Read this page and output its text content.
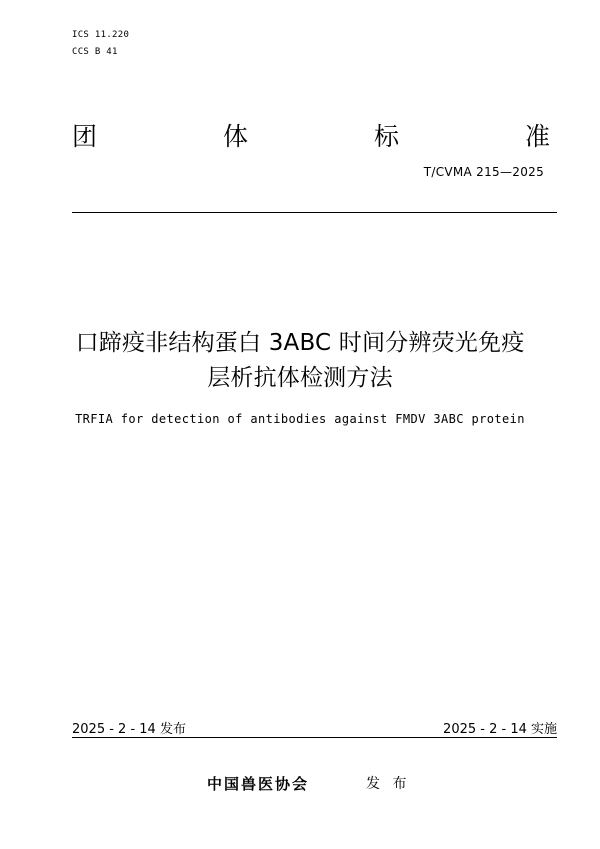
ICS 11.220
CCS B 41
团	体	标	准
T/CVMA 215—2025
口蹄疫非结构蛋白 3ABC 时间分辨荧光免疫
层析抗体检测方法
TRFIA for detection of antibodies against FMDV 3ABC protein
2025 - 2 - 14 发布	2025 - 2 - 14 实施
中国兽医协会	发 布
